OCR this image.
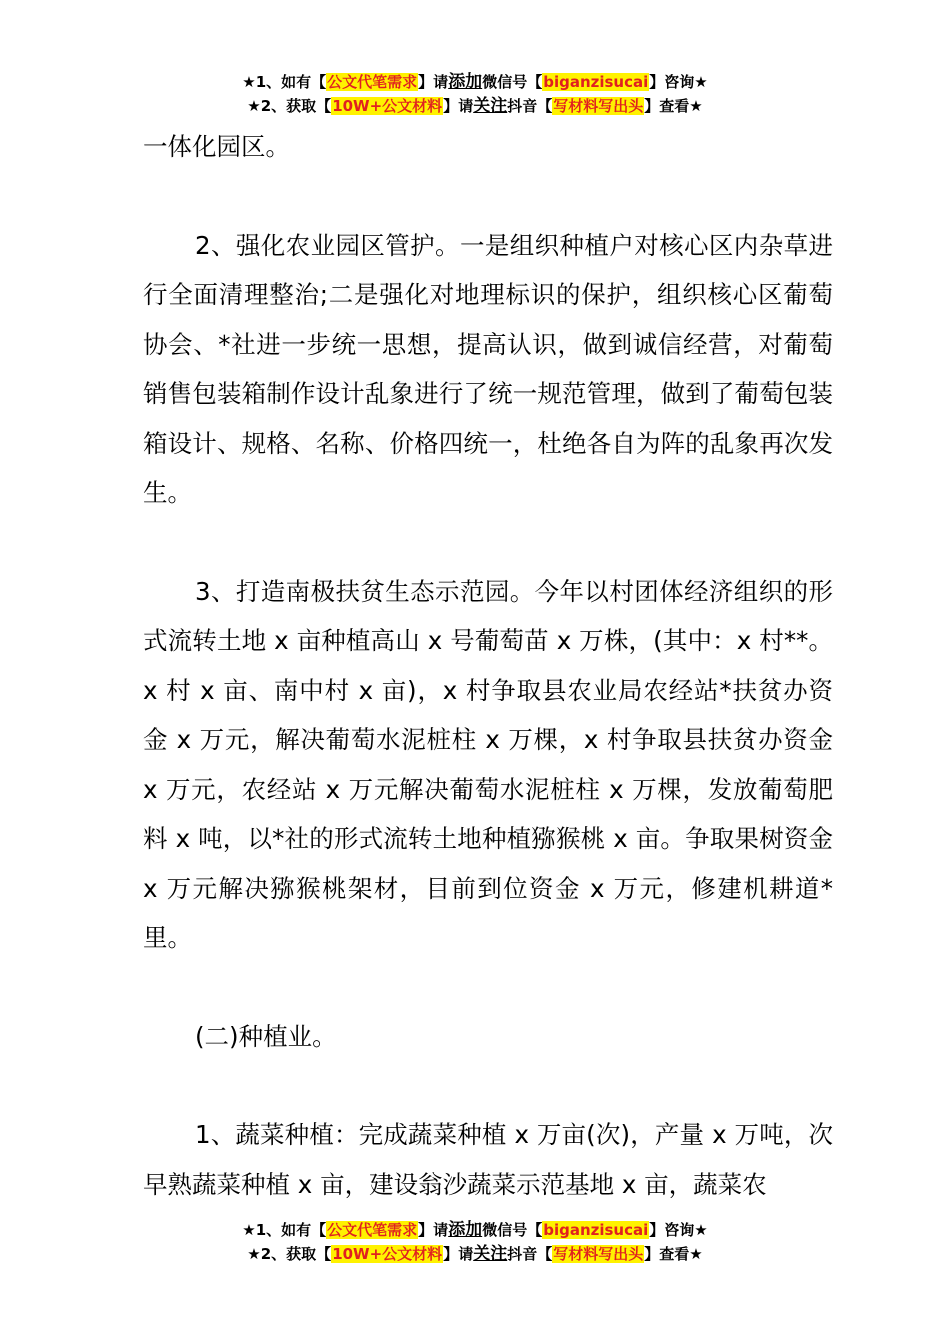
★1、如有【公文代笔需求】请添加微信号【biganzisucai】咨询★
★2、获取【10W+公文材料】请关注抖音【写材料写出头】查看★

一体化园区。

2、强化农业园区管护。一是组织种植户对核心区内杂草进行全面清理整治;二是强化对地理标识的保护，组织核心区葡萄协会、*社进一步统一思想，提高认识，做到诚信经营，对葡萄销售包装箱制作设计乱象进行了统一规范管理，做到了葡萄包装箱设计、规格、名称、价格四统一，杜绝各自为阵的乱象再次发生。

3、打造南极扶贫生态示范园。今年以村团体经济组织的形式流转土地 x 亩种植高山 x 号葡萄苗 x 万株，(其中：x 村**。x 村 x 亩、南中村 x 亩)，x 村争取县农业局农经站*扶贫办资金 x 万元，解决葡萄水泥桩柱 x 万棵，x 村争取县扶贫办资金 x 万元，农经站 x 万元解决葡萄水泥桩柱 x 万棵，发放葡萄肥料 x 吨，以*社的形式流转土地种植猕猴桃 x 亩。争取果树资金 x 万元解决猕猴桃架材，目前到位资金 x 万元，修建机耕道*里。

(二)种植业。

1、蔬菜种植：完成蔬菜种植 x 万亩(次)，产量 x 万吨，次早熟蔬菜种植 x 亩，建设翁沙蔬菜示范基地 x 亩，蔬菜农

★1、如有【公文代笔需求】请添加微信号【biganzisucai】咨询★
★2、获取【10W+公文材料】请关注抖音【写材料写出头】查看★
